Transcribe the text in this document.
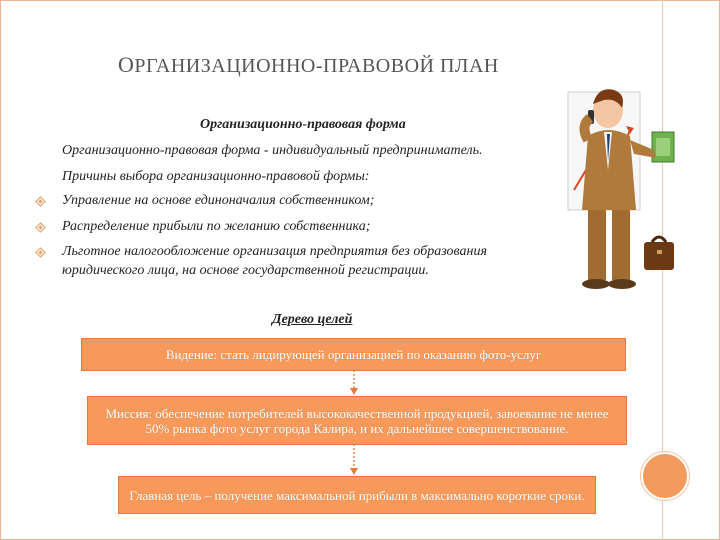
ОРГАНИЗАЦИОННО-ПРАВОВОЙ ПЛАН
Организационно-правовая форма
Организационно-правовая форма - индивидуальный предприниматель.
Причины выбора организационно-правовой формы:
Управление на основе единоначалия собственником;
Распределение прибыли по желанию собственника;
Льготное налогообложение организация предприятия без образования
юридического лица, на основе государственной регистрации.
Дерево целей
Видение: стать лидирующей организацией по оказанию фото-услуг
Миссия: обеспечение потребителей высококачественной продукцией, завоевание не менее 50% рынка фото услуг города Калира, и их дальнейшее совершенствование.
Главная цель – получение максимальной прибыли в максимально короткие сроки.
